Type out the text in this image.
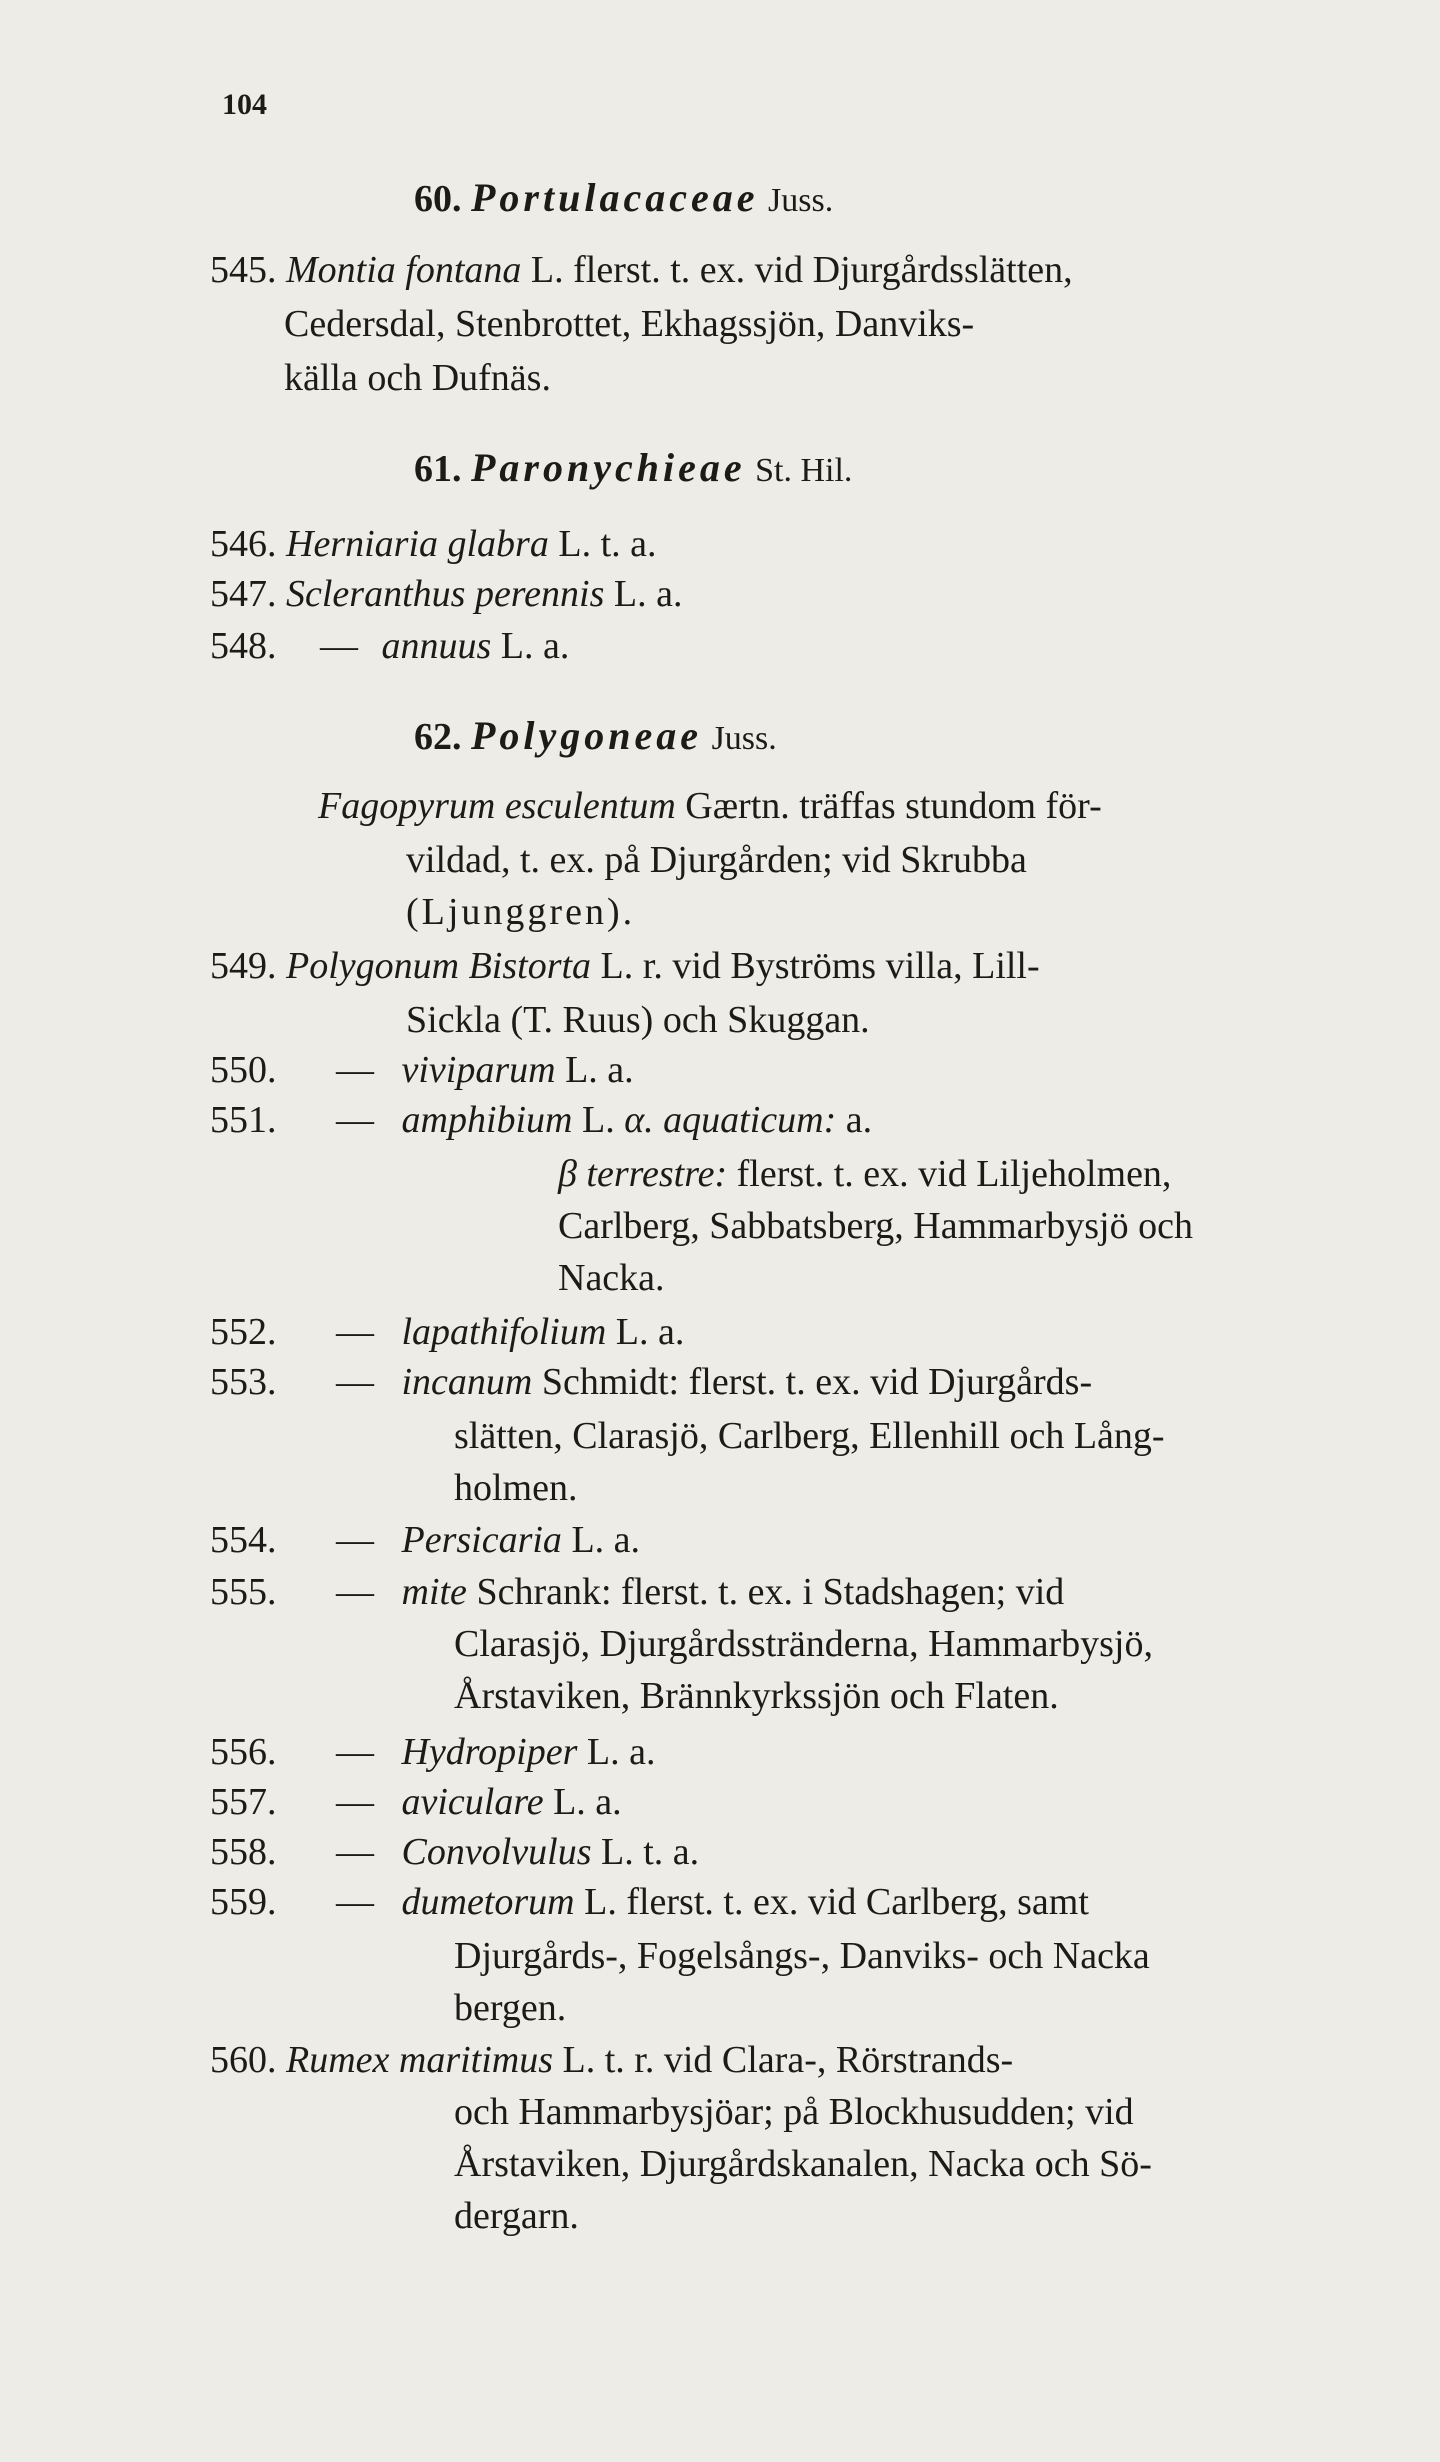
104
60. Portulacaceae Juss.
545. Montia fontana L. flerst. t. ex. vid Djurgårdsslätten,
Cedersdal, Stenbrottet, Ekhagssjön, Danviks-
källa och Dufnäs.
61. Paronychieae St. Hil.
546. Herniaria glabra L. t. a.
547. Scleranthus perennis L. a.
548. — annuus L. a.
62. Polygoneae Juss.
Fagopyrum esculentum Gærtn. träffas stundom för-
vildad, t. ex. på Djurgården; vid Skrubba
(Ljunggren).
549. Polygonum Bistorta L. r. vid Byströms villa, Lill-
Sickla (T. Ruus) och Skuggan.
550. — viviparum L. a.
551. — amphibium L. α. aquaticum: a.
β terrestre: flerst. t. ex. vid Liljeholmen,
Carlberg, Sabbatsberg, Hammarbysjö och
Nacka.
552. — lapathifolium L. a.
553. — incanum Schmidt: flerst. t. ex. vid Djurgårds-
slätten, Clarasjö, Carlberg, Ellenhill och Lång-
holmen.
554. — Persicaria L. a.
555. — mite Schrank: flerst. t. ex. i Stadshagen; vid
Clarasjö, Djurgårdsstränderna, Hammarbysjö,
Årstaviken, Brännkyrkssjön och Flaten.
556. — Hydropiper L. a.
557. — aviculare L. a.
558. — Convolvulus L. t. a.
559. — dumetorum L. flerst. t. ex. vid Carlberg, samt
Djurgårds-, Fogelsångs-, Danviks- och Nacka
bergen.
560. Rumex maritimus L. t. r. vid Clara-, Rörstrands-
och Hammarbysjöar; på Blockhusudden; vid
Årstaviken, Djurgårdskanalen, Nacka och Sö-
dergarn.
